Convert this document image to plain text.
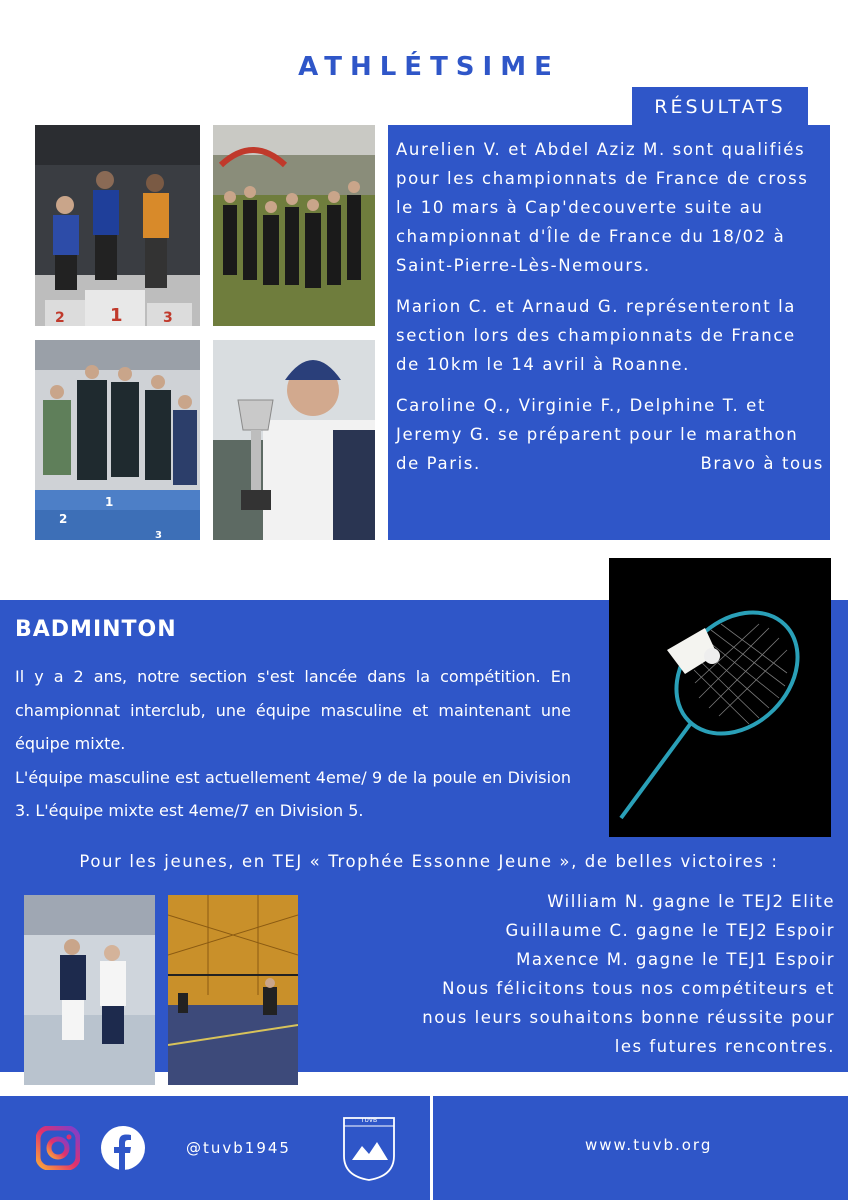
ATHLÉTSIME
RÉSULTATS
2	1	3
2
1
3

Aurelien V. et Abdel Aziz M. sont qualifiés pour les championnats de France de cross le 10 mars à Cap'decouverte suite au championnat d'Île de France du 18/02 à Saint-Pierre-Lès-Nemours.

Marion C. et Arnaud G. représenteront la section lors des championnats de France de 10km le 14 avril à Roanne.

Caroline Q., Virginie F., Delphine T. et Jeremy G. se préparent pour le marathon de Paris.	Bravo à tous

BADMINTON

Il y a 2 ans, notre section s'est lancée dans la compétition. En championnat interclub, une équipe masculine et maintenant une équipe mixte.

L'équipe masculine est actuellement 4eme/ 9 de la poule en Division 3. L'équipe mixte est 4eme/7 en Division 5.

Pour les jeunes, en TEJ « Trophée Essonne Jeune », de belles victoires :
William N. gagne le TEJ2 Elite
Guillaume C. gagne le TEJ2 Espoir
Maxence M. gagne le TEJ1 Espoir
Nous félicitons tous nos compétiteurs et
nous leurs souhaitons bonne réussite pour
les futures rencontres.
@tuvb1945
TUVB
www.tuvb.org
